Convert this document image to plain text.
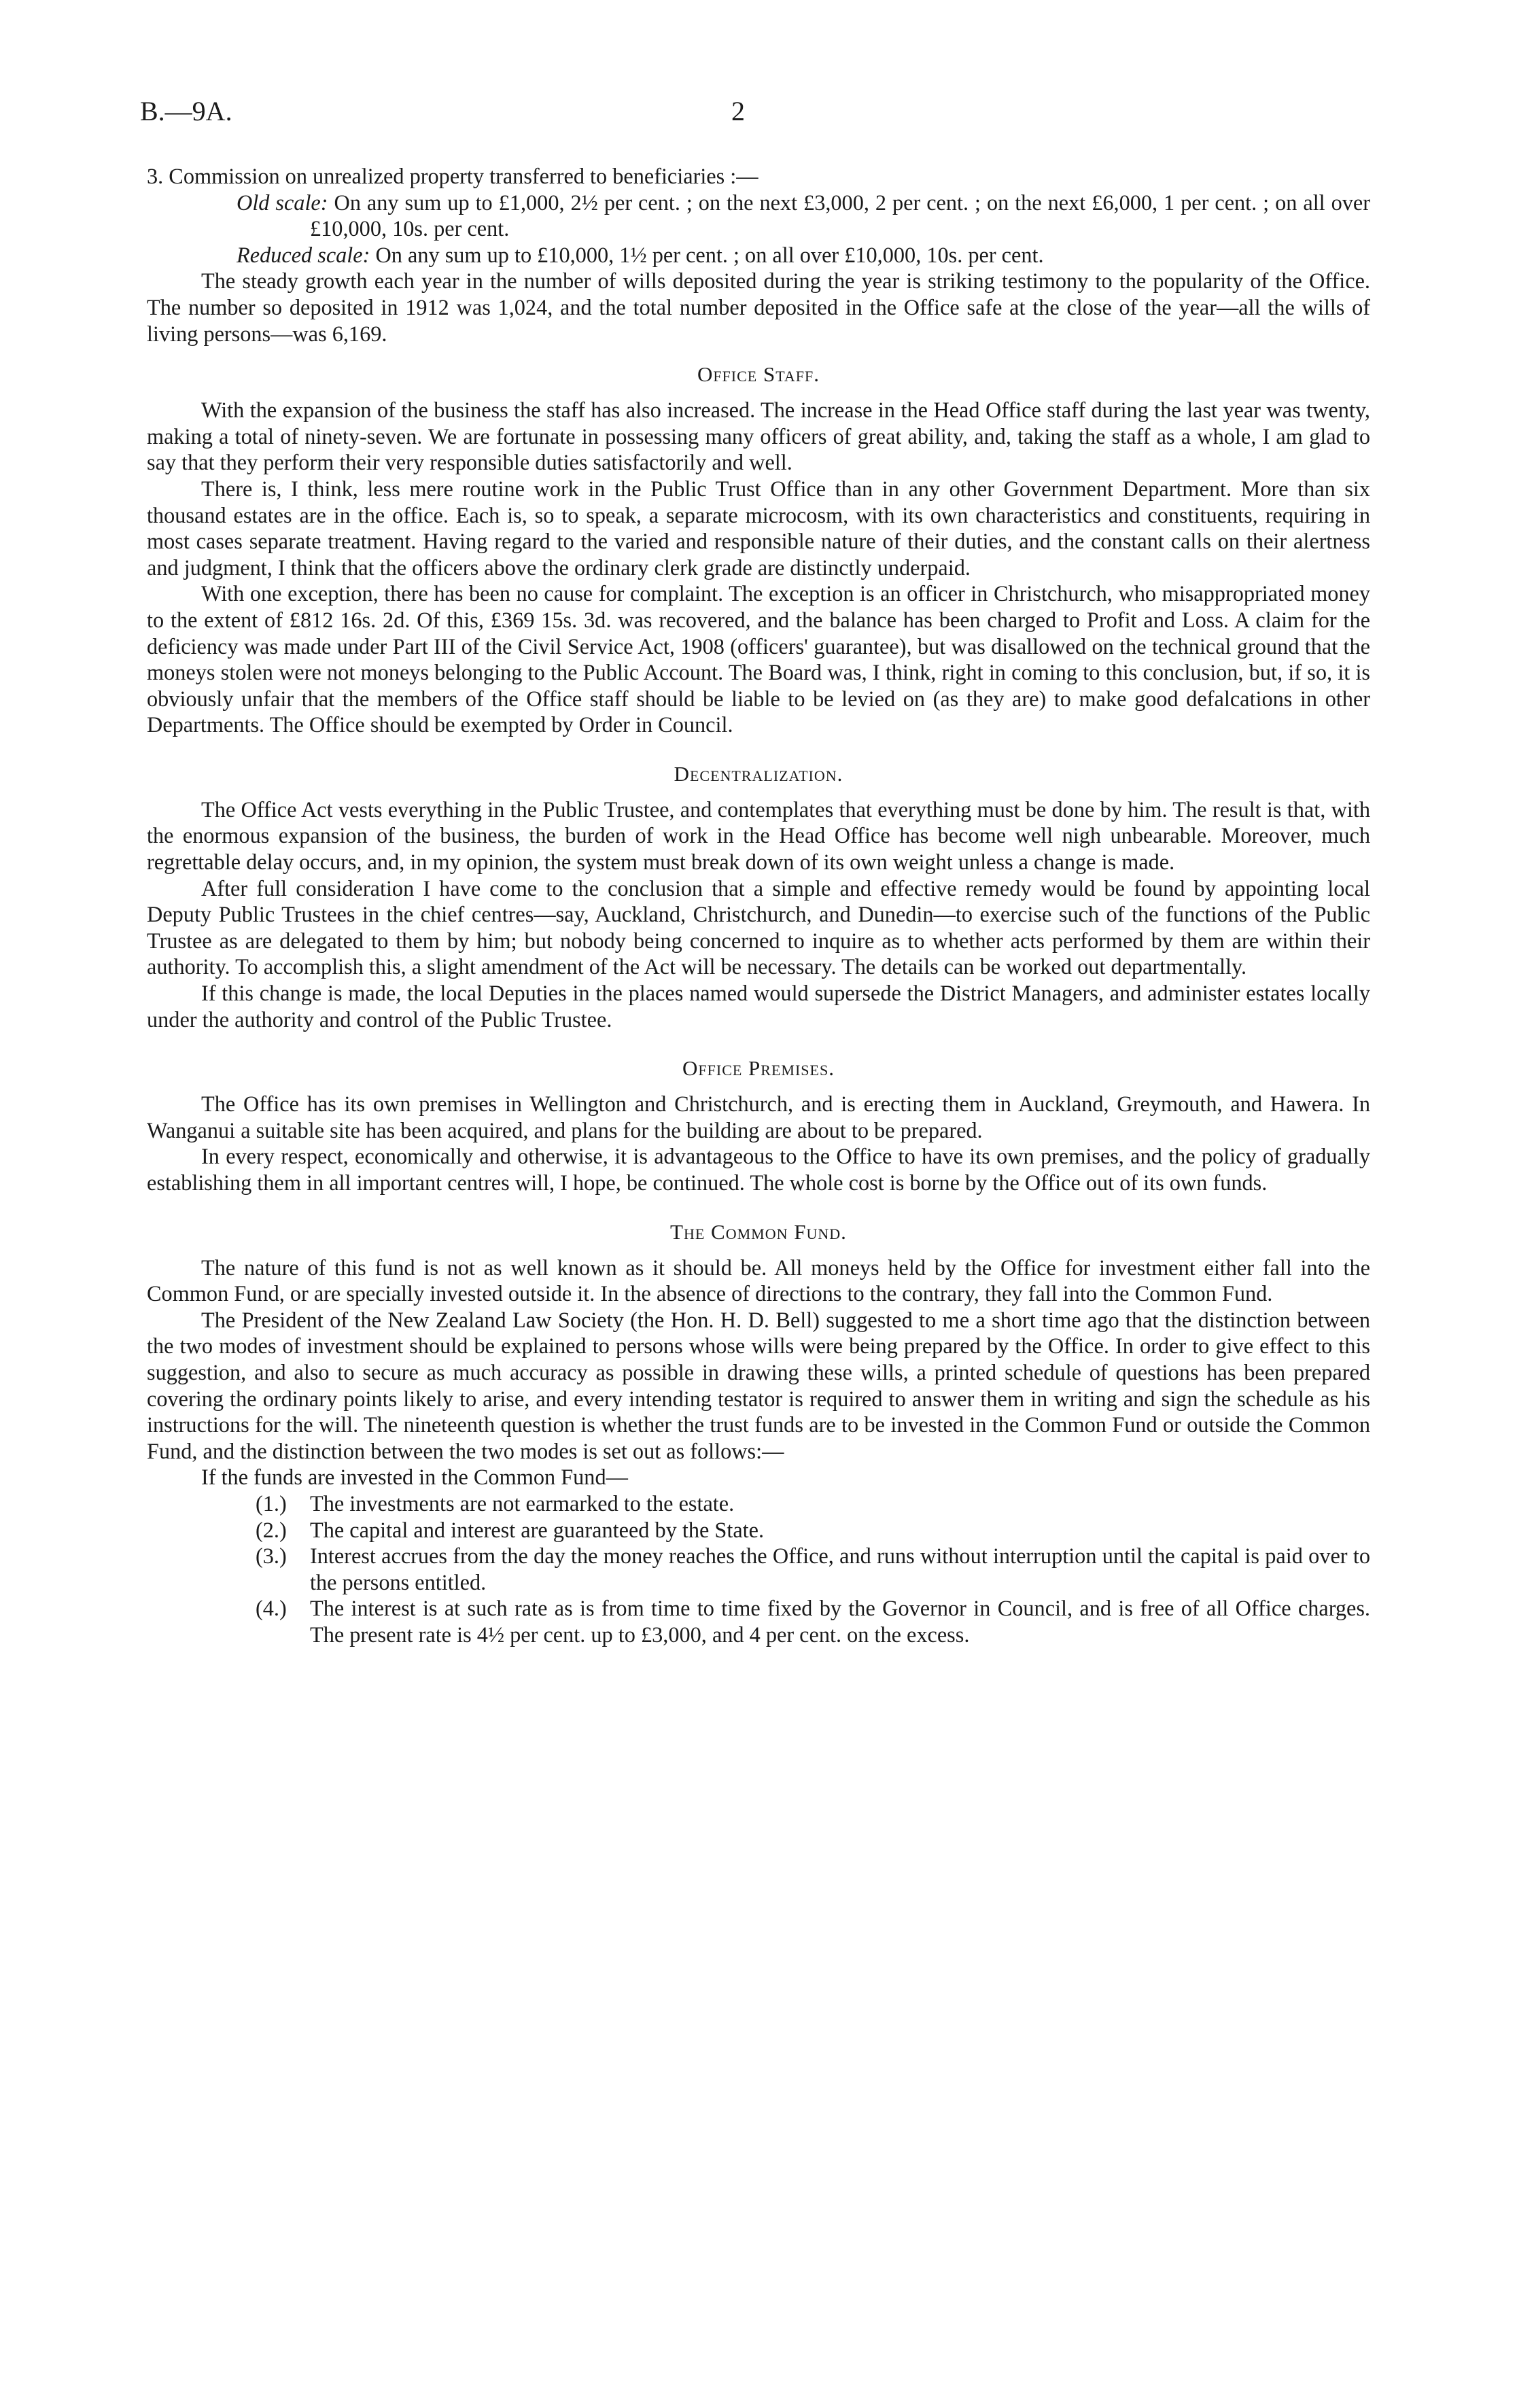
B.—9A.	2

3. Commission on unrealized property transferred to beneficiaries :—

Old scale: On any sum up to £1,000, 2½ per cent. ; on the next £3,000, 2 per cent. ; on the next £6,000, 1 per cent. ; on all over £10,000, 10s. per cent.

Reduced scale: On any sum up to £10,000, 1½ per cent. ; on all over £10,000, 10s. per cent.

The steady growth each year in the number of wills deposited during the year is striking testimony to the popularity of the Office. The number so deposited in 1912 was 1,024, and the total number deposited in the Office safe at the close of the year—all the wills of living persons—was 6,169.

Office Staff.

With the expansion of the business the staff has also increased. The increase in the Head Office staff during the last year was twenty, making a total of ninety-seven. We are fortunate in possessing many officers of great ability, and, taking the staff as a whole, I am glad to say that they perform their very responsible duties satisfactorily and well.

There is, I think, less mere routine work in the Public Trust Office than in any other Government Department. More than six thousand estates are in the office. Each is, so to speak, a separate microcosm, with its own characteristics and constituents, requiring in most cases separate treatment. Having regard to the varied and responsible nature of their duties, and the constant calls on their alertness and judgment, I think that the officers above the ordinary clerk grade are distinctly underpaid.

With one exception, there has been no cause for complaint. The exception is an officer in Christchurch, who misappropriated money to the extent of £812 16s. 2d. Of this, £369 15s. 3d. was recovered, and the balance has been charged to Profit and Loss. A claim for the deficiency was made under Part III of the Civil Service Act, 1908 (officers' guarantee), but was disallowed on the technical ground that the moneys stolen were not moneys belonging to the Public Account. The Board was, I think, right in coming to this conclusion, but, if so, it is obviously unfair that the members of the Office staff should be liable to be levied on (as they are) to make good defalcations in other Departments. The Office should be exempted by Order in Council.

Decentralization.

The Office Act vests everything in the Public Trustee, and contemplates that everything must be done by him. The result is that, with the enormous expansion of the business, the burden of work in the Head Office has become well nigh unbearable. Moreover, much regrettable delay occurs, and, in my opinion, the system must break down of its own weight unless a change is made.

After full consideration I have come to the conclusion that a simple and effective remedy would be found by appointing local Deputy Public Trustees in the chief centres—say, Auckland, Christchurch, and Dunedin—to exercise such of the functions of the Public Trustee as are delegated to them by him; but nobody being concerned to inquire as to whether acts performed by them are within their authority. To accomplish this, a slight amendment of the Act will be necessary. The details can be worked out departmentally.

If this change is made, the local Deputies in the places named would supersede the District Managers, and administer estates locally under the authority and control of the Public Trustee.

Office Premises.

The Office has its own premises in Wellington and Christchurch, and is erecting them in Auckland, Greymouth, and Hawera. In Wanganui a suitable site has been acquired, and plans for the building are about to be prepared.

In every respect, economically and otherwise, it is advantageous to the Office to have its own premises, and the policy of gradually establishing them in all important centres will, I hope, be continued. The whole cost is borne by the Office out of its own funds.

The Common Fund.

The nature of this fund is not as well known as it should be. All moneys held by the Office for investment either fall into the Common Fund, or are specially invested outside it. In the absence of directions to the contrary, they fall into the Common Fund.

The President of the New Zealand Law Society (the Hon. H. D. Bell) suggested to me a short time ago that the distinction between the two modes of investment should be explained to persons whose wills were being prepared by the Office. In order to give effect to this suggestion, and also to secure as much accuracy as possible in drawing these wills, a printed schedule of questions has been prepared covering the ordinary points likely to arise, and every intending testator is required to answer them in writing and sign the schedule as his instructions for the will. The nineteenth question is whether the trust funds are to be invested in the Common Fund or outside the Common Fund, and the distinction between the two modes is set out as follows:—

If the funds are invested in the Common Fund—

(1.)	The investments are not earmarked to the estate.
(2.)	The capital and interest are guaranteed by the State.
(3.)	Interest accrues from the day the money reaches the Office, and runs without interruption until the capital is paid over to the persons entitled.
(4.)	The interest is at such rate as is from time to time fixed by the Governor in Council, and is free of all Office charges. The present rate is 4½ per cent. up to £3,000, and 4 per cent. on the excess.
